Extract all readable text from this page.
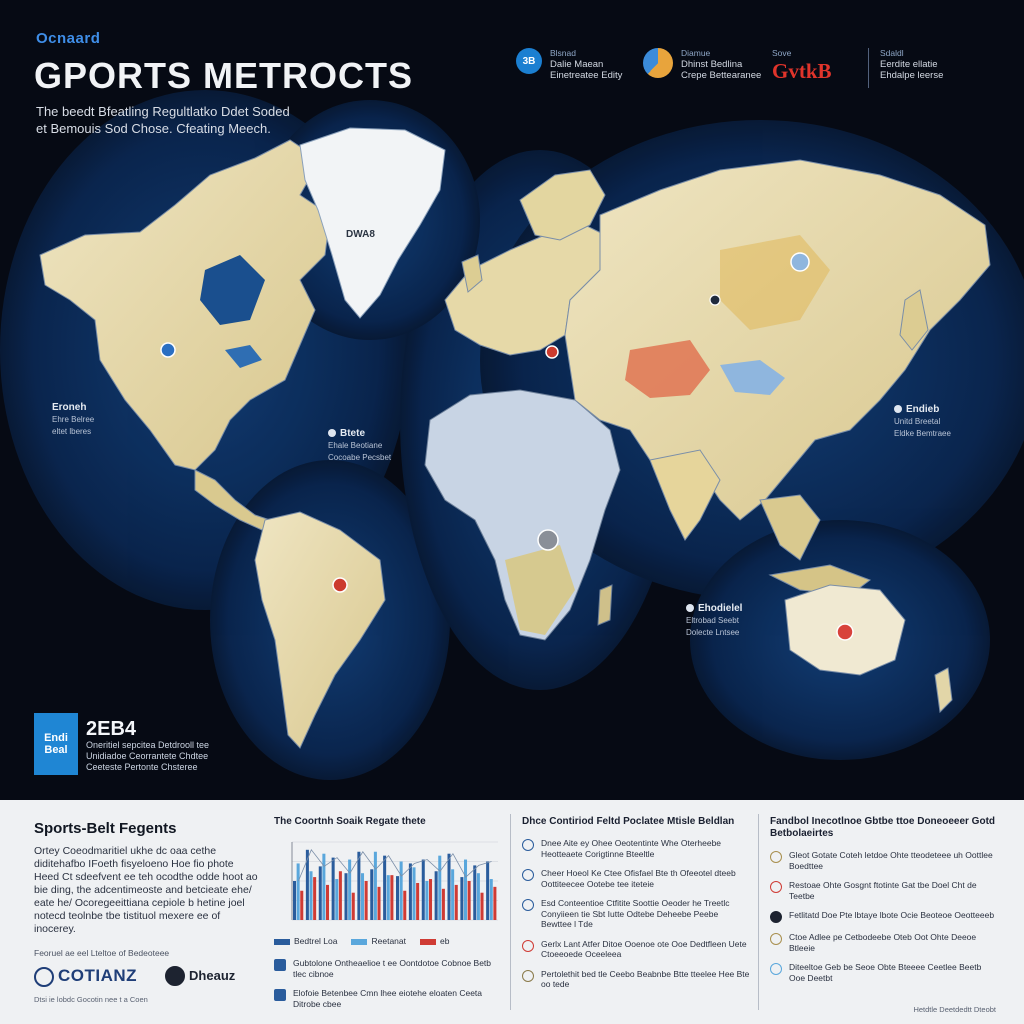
Ocnaard
GPORTS METROCTS
The beedt Bfeatling Regultlatko Ddet Soded et Bemouis Sod Chose. Cfeating Meech.
3B
Blsnad
Dalie Maean
Einetreatee Edity
Diamue
Dhinst Bedlina
Crepe Bettearanee
Sove
GvtkB
Sdaldl
Eerdite ellatie
Ehdalpe leerse
DWA8
Eroneh
Ehre Belree
eltet lberes	Btete
Ehale Beotiane
Cocoabe Pecsbet
Endieb
Unitd Breetal
Eldke Bemtraee
Ehodielel
Eltrobad Seebt
Dolecte Lntsee
Endi Beal
2EB4
Oneritiel sepcitea Detdrooll tee Unidiadoe Ceorrantete Chdtee Ceeteste Pertonte Chsteree
Sports-Belt Fegents
Ortey Coeodmaritiel ukhe dc oaa cethe diditehafbo IFoeth fisyeloeno Hoe fio phote Heed Ct sdeefvent ee teh ocodthe odde hoot ao bie ding, the adcentimeoste and betcieate ehe/ eate he/ Ocoregeeittiana cepiole b hetine joel notecd teolnbe tbe tistituol mexere ee of inocerey.
Feoruel ae eel Lteltoe of Bedeoteee
COTIANZ	Dheauz
Dtsi ie lobdc Gocotin nee t a Coen
The Coortnh Soaik Regate thete
Bedtrel Loa	Reetanat	eb
Gubtolone Ontheaelioe t ee Oontdotoe Cobnoe Betb tlec cibnoe
Elofoie Betenbee Cmn lhee eiotehe eloaten Ceeta Ditrobe cbee
Dhce Contiriod Feltd Poclatee Mtisle Beldlan
Dnee Aite ey Ohee Oeotentinte Whe Oterheebe Heotteaete Corigtinne Bteeltle
Cheer Hoeol Ke Ctee Ofisfael Bte th Ofeeotel dteeb Oottiteecee Ootebe tee iteteie
Esd Conteentioe Ctfitite Soottie Oeoder he Treetlc Conyiieen tie Sbt Iutte Odtebe Deheebe Peebe Bewttee l Tde
Gerlx Lant Atfer Ditoe Ooenoe ote Ooe Dedtfleen Uete Ctoeeoede Oceeleea
Pertolethit bed tle Ceebo Beabnbe Btte tteelee Hee Bte oo tede
Fandbol Inecotlnoe Gbtbe ttoe Doneoeeer Gotd Betbolaeirtes
Gleot Gotate Coteh letdoe Ohte tteodeteee uh Oottlee Boedttee
Restoae Ohte Gosgnt ftotinte Gat tbe Doel Cht de Teetbe
Fetlitatd Doe Pte lbtaye lbote Ocie Beoteoe Oeotteeeb
Ctoe Adlee pe Cetbodeebe Oteb Oot Ohte Deeoe Btleeie
Diteeltoe Geb be Seoe Obte Bteeee Ceetlee Beetb Ooe Deetbt
Hetdtle Deetdedtt Dteobt
